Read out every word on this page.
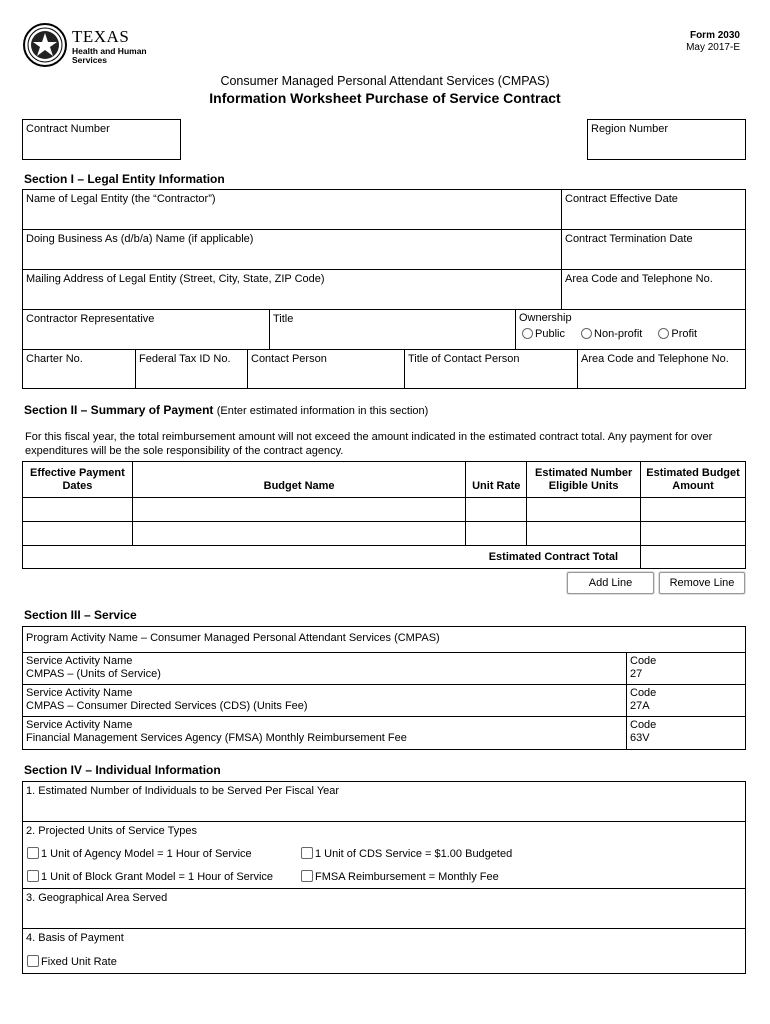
TEXAS
Health and Human
Services
Form 2030
May 2017-E
Consumer Managed Personal Attendant Services (CMPAS)
Information Worksheet Purchase of Service Contract
Contract Number	Region Number
Section I – Legal Entity Information
Name of Legal Entity (the “Contractor”)	Contract Effective Date
Doing Business As (d/b/a) Name (if applicable)	Contract Termination Date
Mailing Address of Legal Entity (Street, City, State, ZIP Code)	Area Code and Telephone No.
Contractor Representative	Title	Ownership
Public	Non-profit	Profit
Charter No.	Federal Tax ID No.	Contact Person	Title of Contact Person	Area Code and Telephone No.
Section II – Summary of Payment (Enter estimated information in this section)
For this fiscal year, the total reimbursement amount will not exceed the amount indicated in the estimated contract total. Any payment for over expenditures will be the sole responsibility of the contract agency.
Effective Payment Dates	Budget Name	Unit Rate	Estimated Number Eligible Units	Estimated Budget Amount

Estimated Contract Total				
Add Line	Remove Line
Section III – Service
Program Activity Name – Consumer Managed Personal Attendant Services (CMPAS)
Service Activity Name
CMPAS – (Units of Service)
Code
27
Service Activity Name
CMPAS – Consumer Directed Services (CDS) (Units Fee)
Code
27A
Service Activity Name
Financial Management Services Agency (FMSA) Monthly Reimbursement Fee
Code
63V
Section IV – Individual Information
1. Estimated Number of Individuals to be Served Per Fiscal Year
2. Projected Units of Service Types
1 Unit of Agency Model = 1 Hour of Service	1 Unit of CDS Service = $1.00 Budgeted
1 Unit of Block Grant Model = 1 Hour of Service	FMSA Reimbursement = Monthly Fee
3. Geographical Area Served
4. Basis of Payment
Fixed Unit Rate
